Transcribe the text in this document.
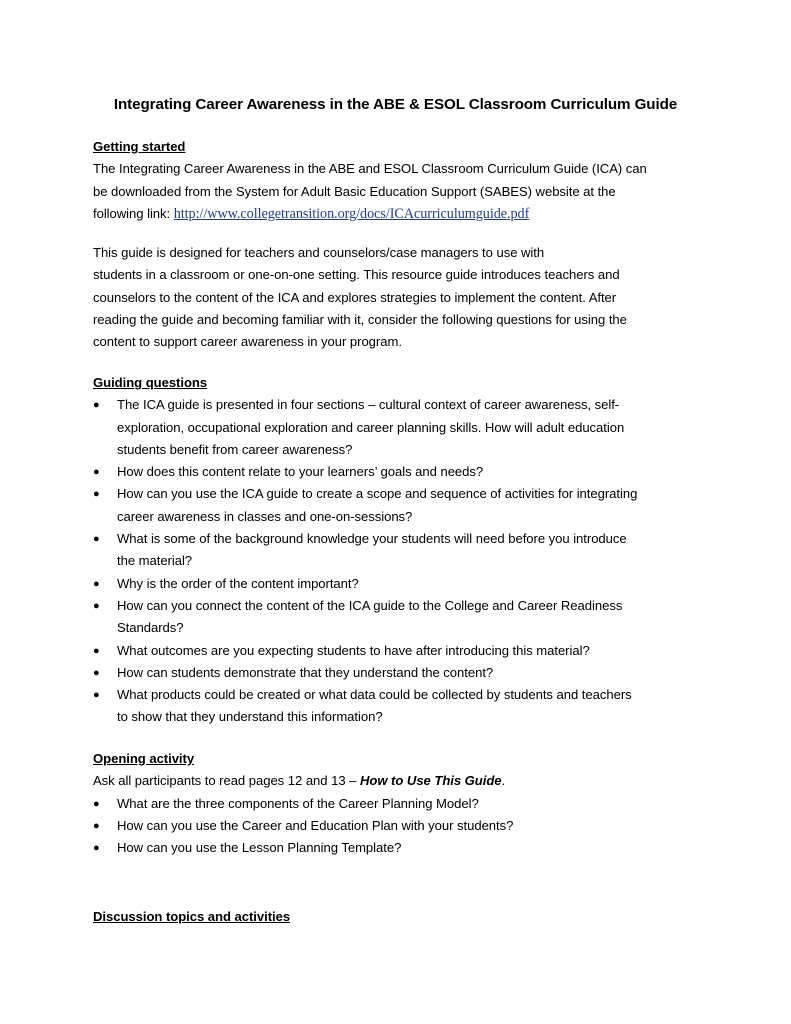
Integrating Career Awareness in the ABE & ESOL Classroom Curriculum Guide
Getting started

The Integrating Career Awareness in the ABE and ESOL Classroom Curriculum Guide (ICA) can

be downloaded from the System for Adult Basic Education Support (SABES) website at the

following link: http://www.collegetransition.org/docs/ICAcurriculumguide.pdf

This guide is designed for teachers and counselors/case managers to use with

students in a classroom or one-on-one setting. This resource guide introduces teachers and

counselors to the content of the ICA and explores strategies to implement the content. After

reading the guide and becoming familiar with it, consider the following questions for using the

content to support career awareness in your program.

Guiding questions
●	The ICA guide is presented in four sections – cultural context of career awareness, self-
exploration, occupational exploration and career planning skills. How will adult education
students benefit from career awareness?
●	How does this content relate to your learners’ goals and needs?
●	How can you use the ICA guide to create a scope and sequence of activities for integrating
career awareness in classes and one-on-sessions?
●	What is some of the background knowledge your students will need before you introduce
the material?
●	Why is the order of the content important?
●	How can you connect the content of the ICA guide to the College and Career Readiness
Standards?
●	What outcomes are you expecting students to have after introducing this material?
●	How can students demonstrate that they understand the content?
●	What products could be created or what data could be collected by students and teachers
to show that they understand this information?
Opening activity

Ask all participants to read pages 12 and 13 – How to Use This Guide.

●	What are the three components of the Career Planning Model?
●	How can you use the Career and Education Plan with your students?
●	How can you use the Lesson Planning Template?
Discussion topics and activities
